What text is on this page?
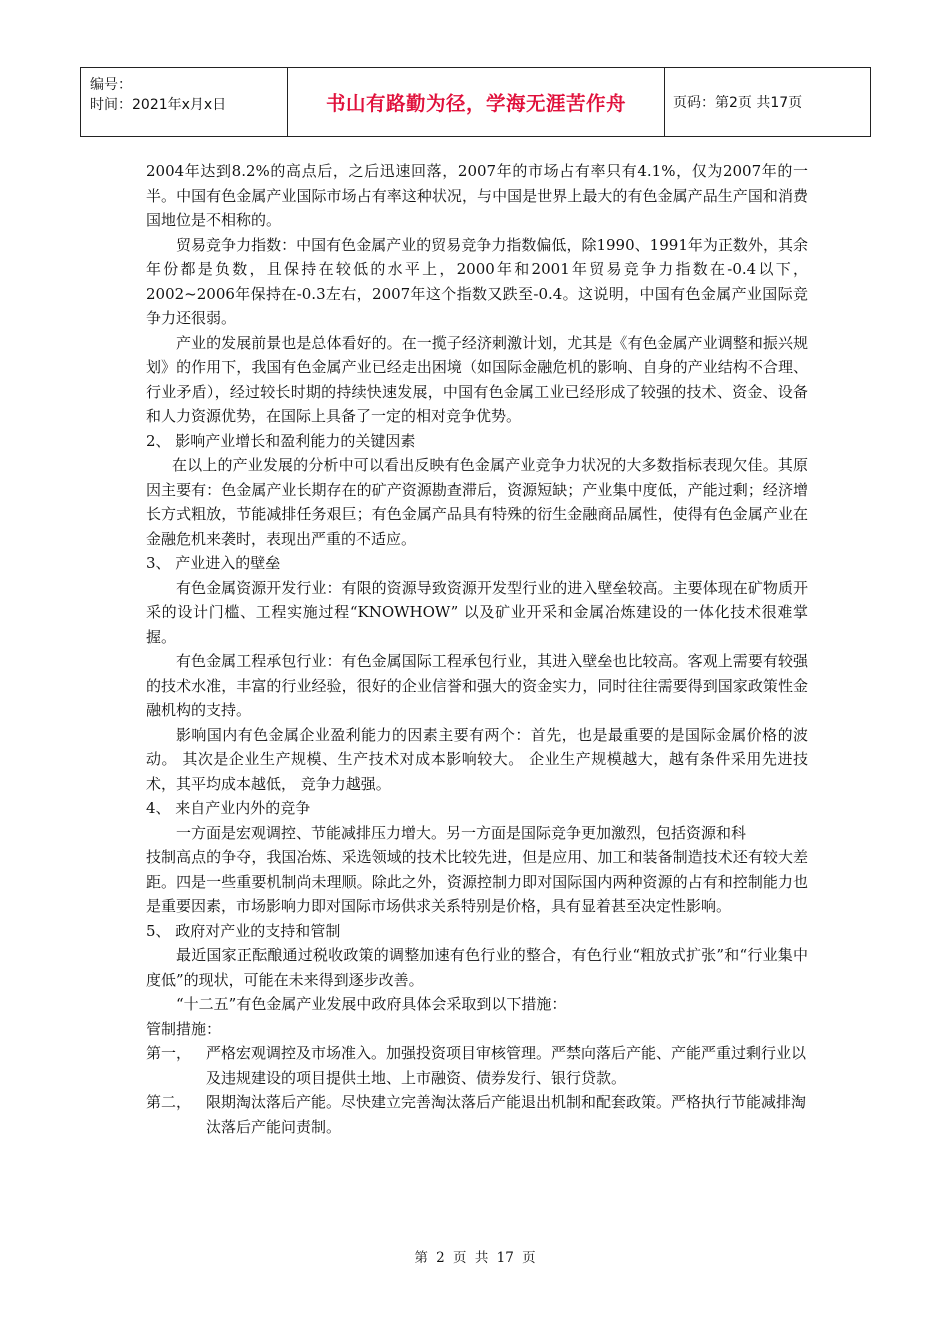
编号：
时间：2021年x月x日	书山有路勤为径，学海无涯苦作舟	页码：第2页 共17页

2004年达到8.2%的高点后，之后迅速回落，2007年的市场占有率只有4.1%，仅为2007年的一半。中国有色金属产业国际市场占有率这种状况，与中国是世界上最大的有色金属产品生产国和消费国地位是不相称的。

贸易竞争力指数：中国有色金属产业的贸易竞争力指数偏低，除1990、1991年为正数外，其余年份都是负数，且保持在较低的水平上，2000年和2001年贸易竞争力指数在-0.4以下，2002~2006年保持在-0.3左右，2007年这个指数又跌至-0.4。这说明，中国有色金属产业国际竞争力还很弱。

产业的发展前景也是总体看好的。在一揽子经济刺激计划，尤其是《有色金属产业调整和振兴规划》的作用下，我国有色金属产业已经走出困境（如国际金融危机的影响、自身的产业结构不合理、行业矛盾），经过较长时期的持续快速发展，中国有色金属工业已经形成了较强的技术、资金、设备和人力资源优势，在国际上具备了一定的相对竞争优势。

2、 影响产业增长和盈利能力的关键因素

在以上的产业发展的分析中可以看出反映有色金属产业竞争力状况的大多数指标表现欠佳。其原因主要有：色金属产业长期存在的矿产资源勘查滞后，资源短缺；产业集中度低，产能过剩；经济增长方式粗放，节能减排任务艰巨；有色金属产品具有特殊的衍生金融商品属性，使得有色金属产业在金融危机来袭时，表现出严重的不适应。

3、 产业进入的壁垒

有色金属资源开发行业：有限的资源导致资源开发型行业的进入壁垒较高。主要体现在矿物质开采的设计门槛、工程实施过程“KNOWHOW” 以及矿业开采和金属冶炼建设的一体化技术很难掌握。

有色金属工程承包行业：有色金属国际工程承包行业，其进入壁垒也比较高。客观上需要有较强的技术水准，丰富的行业经验，很好的企业信誉和强大的资金实力，同时往往需要得到国家政策性金融机构的支持。

影响国内有色金属企业盈利能力的因素主要有两个：首先，也是最重要的是国际金属价格的波动。 其次是企业生产规模、生产技术对成本影响较大。 企业生产规模越大，越有条件采用先进技术，其平均成本越低， 竞争力越强。

4、 来自产业内外的竞争

一方面是宏观调控、节能减排压力增大。另一方面是国际竞争更加激烈，包括资源和科

技制高点的争夺，我国冶炼、采选领域的技术比较先进，但是应用、加工和装备制造技术还有较大差距。四是一些重要机制尚未理顺。除此之外，资源控制力即对国际国内两种资源的占有和控制能力也是重要因素，市场影响力即对国际市场供求关系特别是价格，具有显着甚至决定性影响。

5、 政府对产业的支持和管制

最近国家正酝酿通过税收政策的调整加速有色行业的整合，有色行业“粗放式扩张”和“行业集中度低”的现状，可能在未来得到逐步改善。

“十二五”有色金属产业发展中政府具体会采取到以下措施：

管制措施：

第一， 严格宏观调控及市场准入。加强投资项目审核管理。严禁向落后产能、产能严重过剩行业以及违规建设的项目提供土地、上市融资、债券发行、银行贷款。
第二， 限期淘汰落后产能。尽快建立完善淘汰落后产能退出机制和配套政策。严格执行节能减排淘汰落后产能问责制。
第 2 页 共 17 页
